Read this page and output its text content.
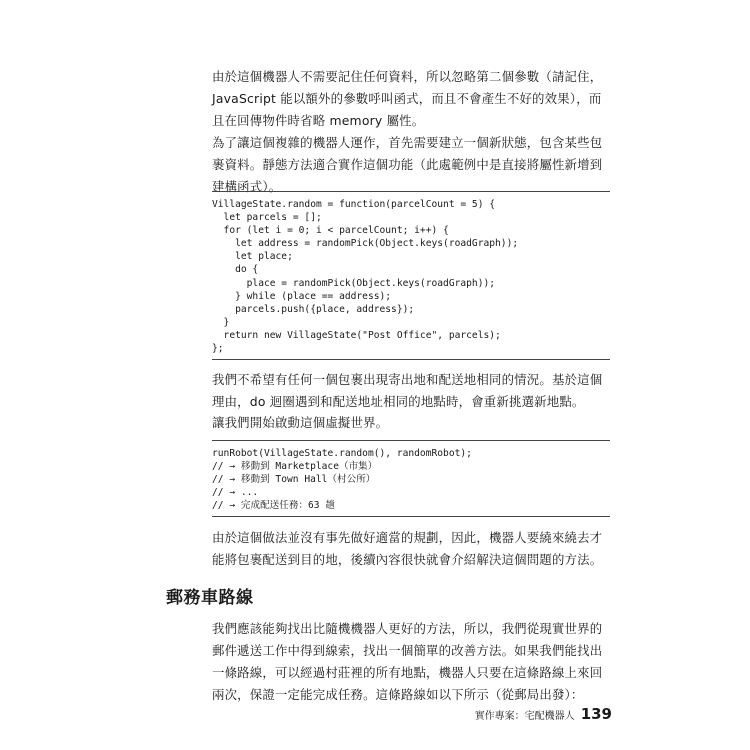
由於這個機器人不需要記住任何資料，所以忽略第二個參數（請記住，JavaScript 能以額外的參數呼叫函式，而且不會產生不好的效果），而且在回傳物件時省略 memory 屬性。

為了讓這個複雜的機器人運作，首先需要建立一個新狀態，包含某些包裹資料。靜態方法適合實作這個功能（此處範例中是直接將屬性新增到建構函式）。

VillageState.random = function(parcelCount = 5) {
let parcels = [];
for (let i = 0; i < parcelCount; i++) {
let address = randomPick(Object.keys(roadGraph));
let place;
do {
place = randomPick(Object.keys(roadGraph));
} while (place == address);
parcels.push({place, address});
}
return new VillageState("Post Office", parcels);
};

我們不希望有任何一個包裹出現寄出地和配送地相同的情況。基於這個理由，do 迴圈遇到和配送地址相同的地點時，會重新挑選新地點。

讓我們開始啟動這個虛擬世界。

runRobot(VillageState.random(), randomRobot);
// → 移動到 Marketplace（市集）
// → 移動到 Town Hall（村公所）
// → ...
// → 完成配送任務：63 趟

由於這個做法並沒有事先做好適當的規劃，因此，機器人要繞來繞去才能將包裹配送到目的地，後續內容很快就會介紹解決這個問題的方法。

郵務車路線

我們應該能夠找出比隨機機器人更好的方法，所以，我們從現實世界的郵件遞送工作中得到線索，找出一個簡單的改善方法。如果我們能找出一條路線，可以經過村莊裡的所有地點，機器人只要在這條路線上來回兩次，保證一定能完成任務。這條路線如以下所示（從郵局出發）：

實作專案：宅配機器人 139
